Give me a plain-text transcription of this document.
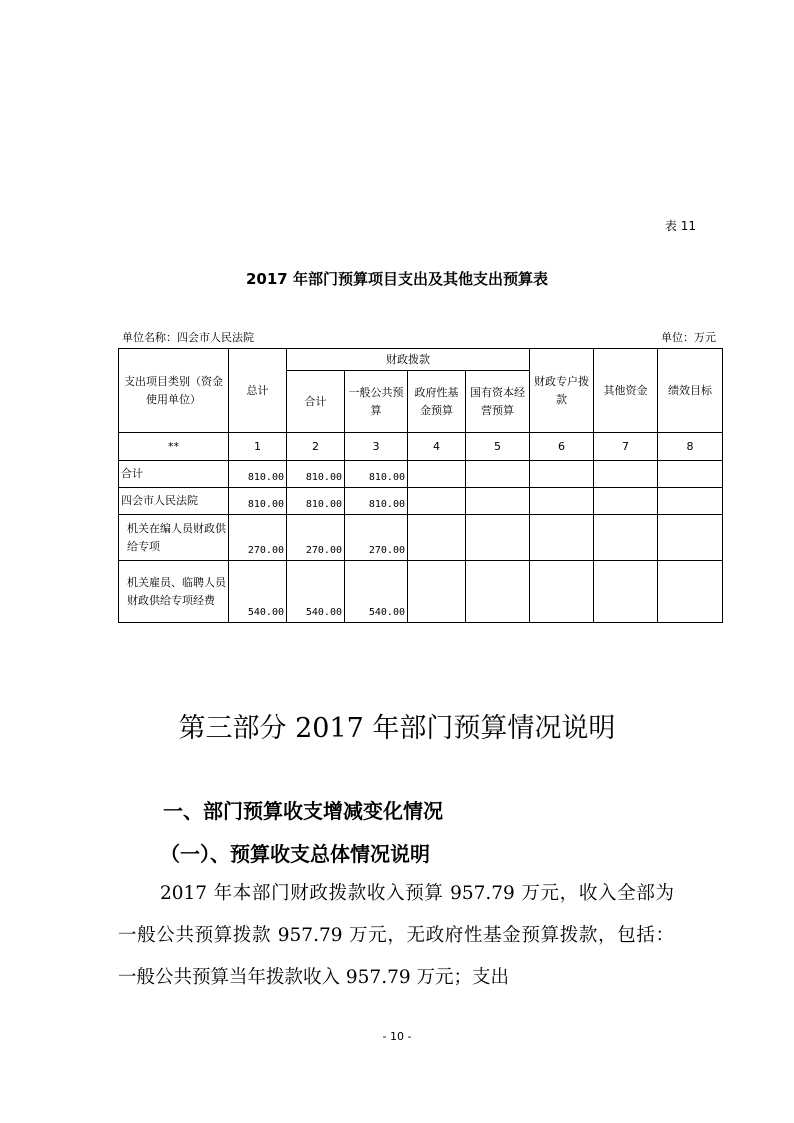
表 11
2017 年部门预算项目支出及其他支出预算表
单位名称：四会市人民法院	单位：万元
支出项目类别（资金使用单位）	总计	财政拨款				财政专户拨款	其他资金	绩效目标
		合计	一般公共预算	政府性基金预算	国有资本经营预算			
**	1	2	3	4	5	6	7	8
合计	810.00	810.00	810.00					
四会市人民法院	810.00	810.00	810.00					
机关在编人员财政供给专项	270.00	270.00	270.00					
机关雇员、临聘人员财政供给专项经费	540.00	540.00	540.00					
第三部分 2017 年部门预算情况说明
一、部门预算收支增减变化情况
（一）、预算收支总体情况说明
2017 年本部门财政拨款收入预算 957.79 万元，收入全部为一般公共预算拨款 957.79 万元，无政府性基金预算拨款，包括：一般公共预算当年拨款收入 957.79 万元；支出
- 10 -
